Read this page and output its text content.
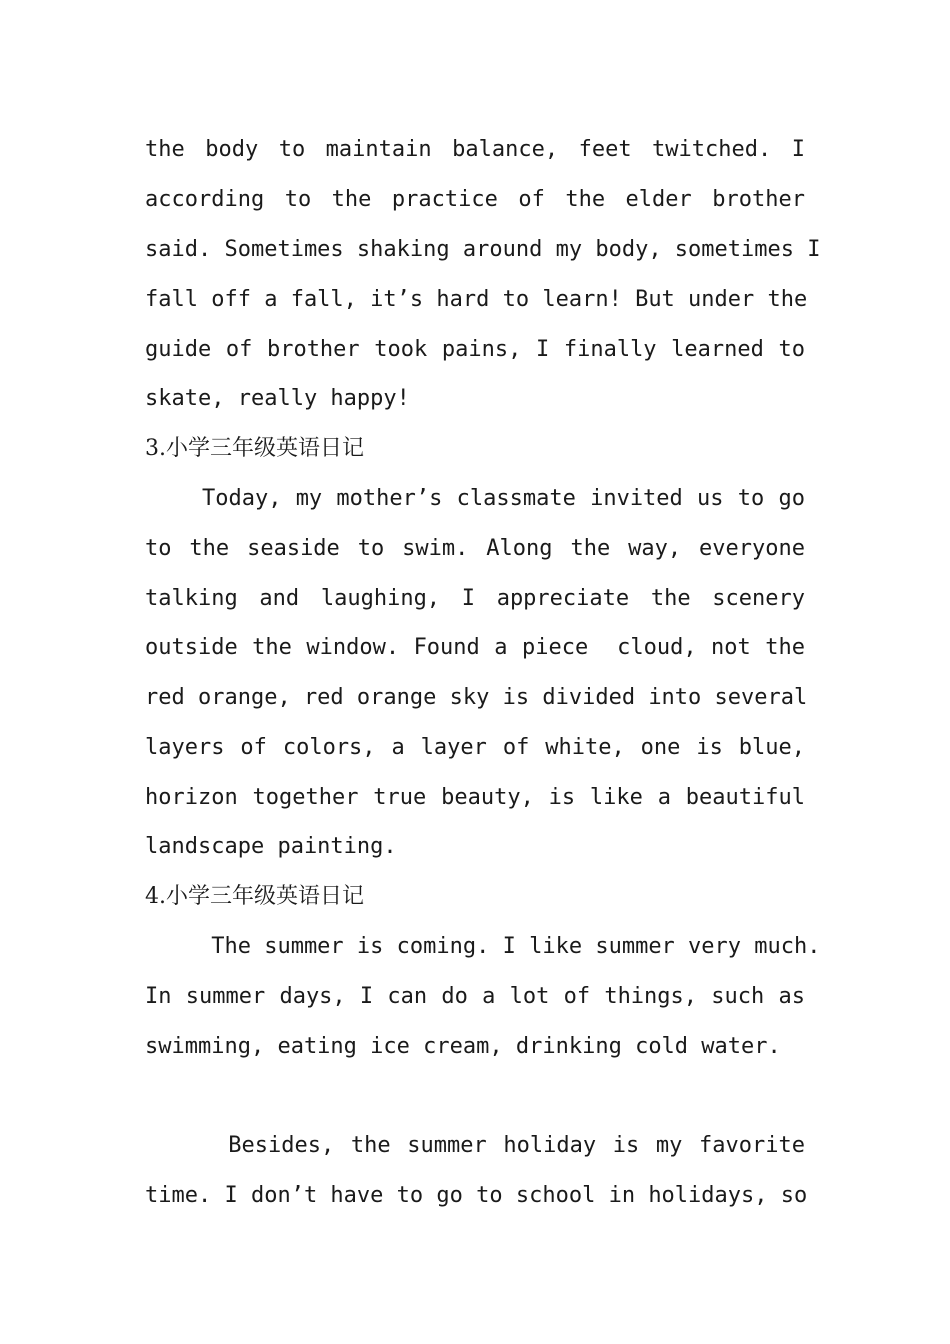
the body to maintain balance, feet twitched. I
according to the practice of the elder brother
said. Sometimes shaking around my body, sometimes I
fall off a fall, it’s hard to learn! But under the
guide of brother took pains, I finally learned to
skate, really happy!
3.小学三年级英语日记
Today, my mother’s classmate invited us to go
to the seaside to swim. Along the way, everyone
talking and laughing, I appreciate the scenery
outside the window. Found a piece  cloud, not the
red orange, red orange sky is divided into several
layers of colors, a layer of white, one is blue,
horizon together true beauty, is like a beautiful
landscape painting.
4.小学三年级英语日记
The summer is coming. I like summer very much.
In summer days, I can do a lot of things, such as
swimming, eating ice cream, drinking cold water.
Besides, the summer holiday is my favorite
time. I don’t have to go to school in holidays, so
